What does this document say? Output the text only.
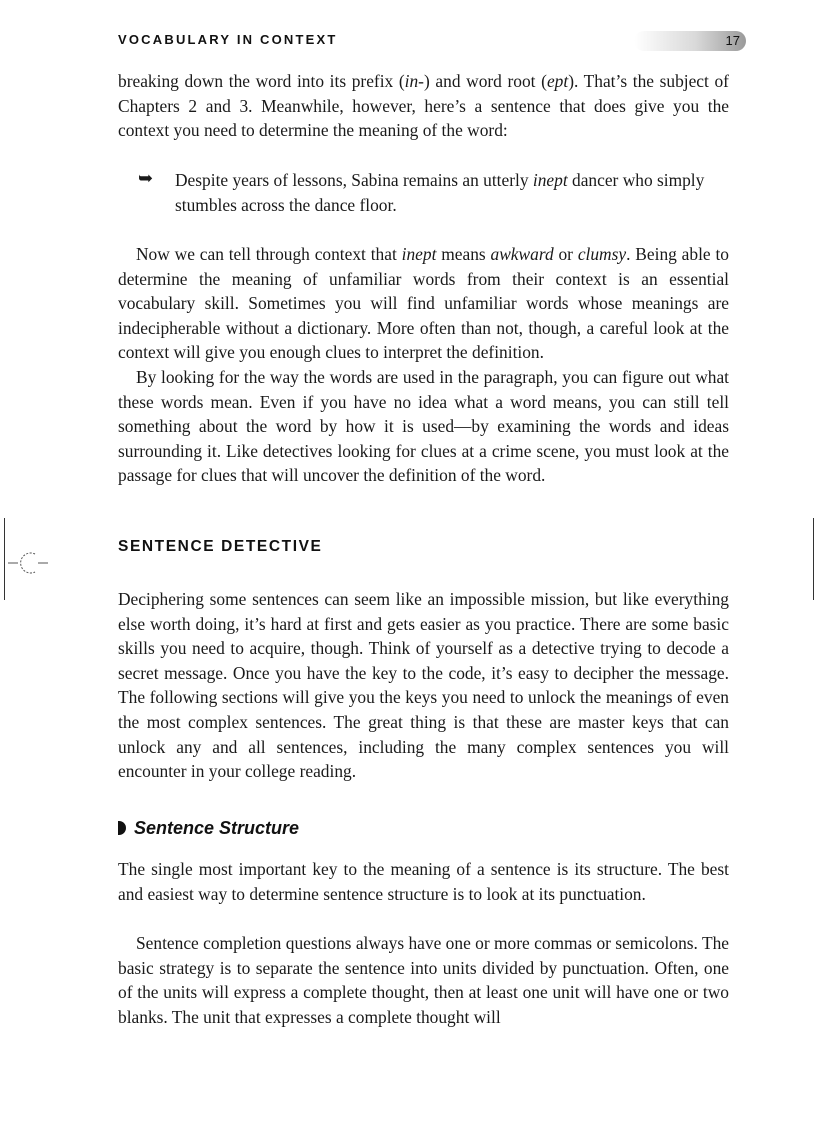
VOCABULARY IN CONTEXT	17

breaking down the word into its prefix (in-) and word root (ept). That’s the subject of Chapters 2 and 3. Meanwhile, however, here’s a sentence that does give you the context you need to determine the meaning of the word:

➥ Despite years of lessons, Sabina remains an utterly inept dancer who simply stumbles across the dance floor.

Now we can tell through context that inept means awkward or clumsy. Being able to determine the meaning of unfamiliar words from their context is an essential vocabulary skill. Sometimes you will find unfamiliar words whose meanings are indecipherable without a dictionary. More often than not, though, a careful look at the context will give you enough clues to interpret the definition.

By looking for the way the words are used in the paragraph, you can figure out what these words mean. Even if you have no idea what a word means, you can still tell something about the word by how it is used—by examining the words and ideas surrounding it. Like detectives looking for clues at a crime scene, you must look at the passage for clues that will uncover the definition of the word.

SENTENCE DETECTIVE

Deciphering some sentences can seem like an impossible mission, but like everything else worth doing, it’s hard at first and gets easier as you practice. There are some basic skills you need to acquire, though. Think of yourself as a detective trying to decode a secret message. Once you have the key to the code, it’s easy to decipher the message. The following sections will give you the keys you need to unlock the meanings of even the most complex sentences. The great thing is that these are master keys that can unlock any and all sentences, including the many complex sentences you will encounter in your college reading.

Sentence Structure

The single most important key to the meaning of a sentence is its structure. The best and easiest way to determine sentence structure is to look at its punctuation.

Sentence completion questions always have one or more commas or semicolons. The basic strategy is to separate the sentence into units divided by punctuation. Often, one of the units will express a complete thought, then at least one unit will have one or two blanks. The unit that expresses a complete thought will
